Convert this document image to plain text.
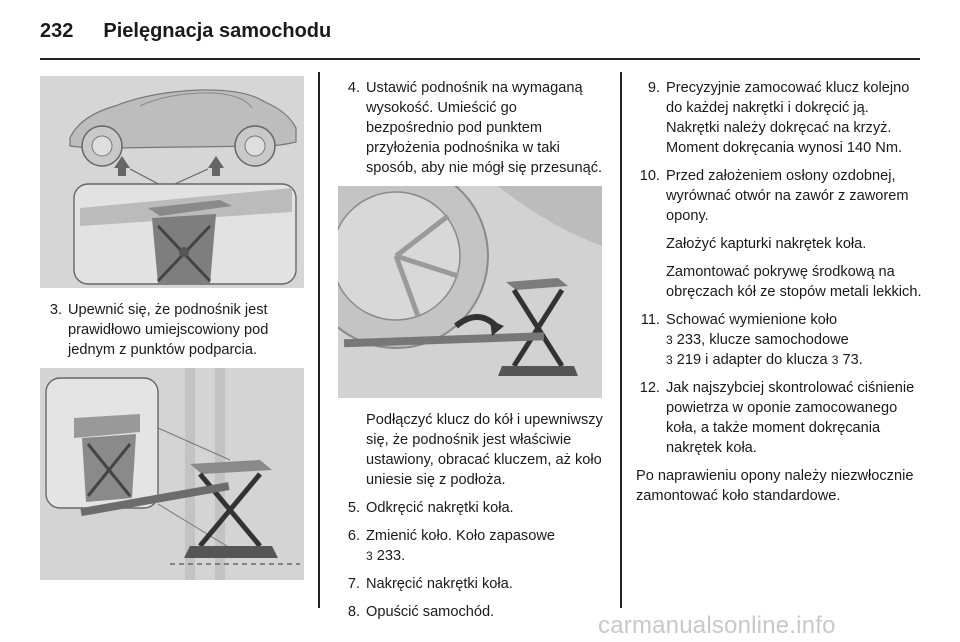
232 Pielęgnacja samochodu
3. Upewnić się, że podnośnik jest prawidłowo umiejscowiony pod jednym z punktów podparcia.
4. Ustawić podnośnik na wymaganą wysokość. Umieścić go bezpośrednio pod punktem przyłożenia podnośnika w taki sposób, aby nie mógł się przesunąć.
Podłączyć klucz do kół i upewniwszy się, że podnośnik jest właściwie ustawiony, obracać kluczem, aż koło uniesie się z podłoża.
5. Odkręcić nakrętki koła.
6. Zmienić koło. Koło zapasowe
3 233.
7. Nakręcić nakrętki koła.
8. Opuścić samochód.
9. Precyzyjnie zamocować klucz kolejno do każdej nakrętki i dokręcić ją. Nakrętki należy dokręcać na krzyż. Moment dokręcania wynosi 140 Nm.
10. Przed założeniem osłony ozdobnej, wyrównać otwór na zawór z zaworem opony.
Założyć kapturki nakrętek koła.
Zamontować pokrywę środkową na obręczach kół ze stopów metali lekkich.
11. Schować wymienione koło
3 233, klucze samochodowe
3 219 i adapter do klucza 3 73.
12. Jak najszybciej skontrolować ciśnienie powietrza w oponie zamocowanego koła, a także moment dokręcania nakrętek koła.
Po naprawieniu opony należy niezwłocznie zamontować koło standardowe.
carmanualsonline.info
